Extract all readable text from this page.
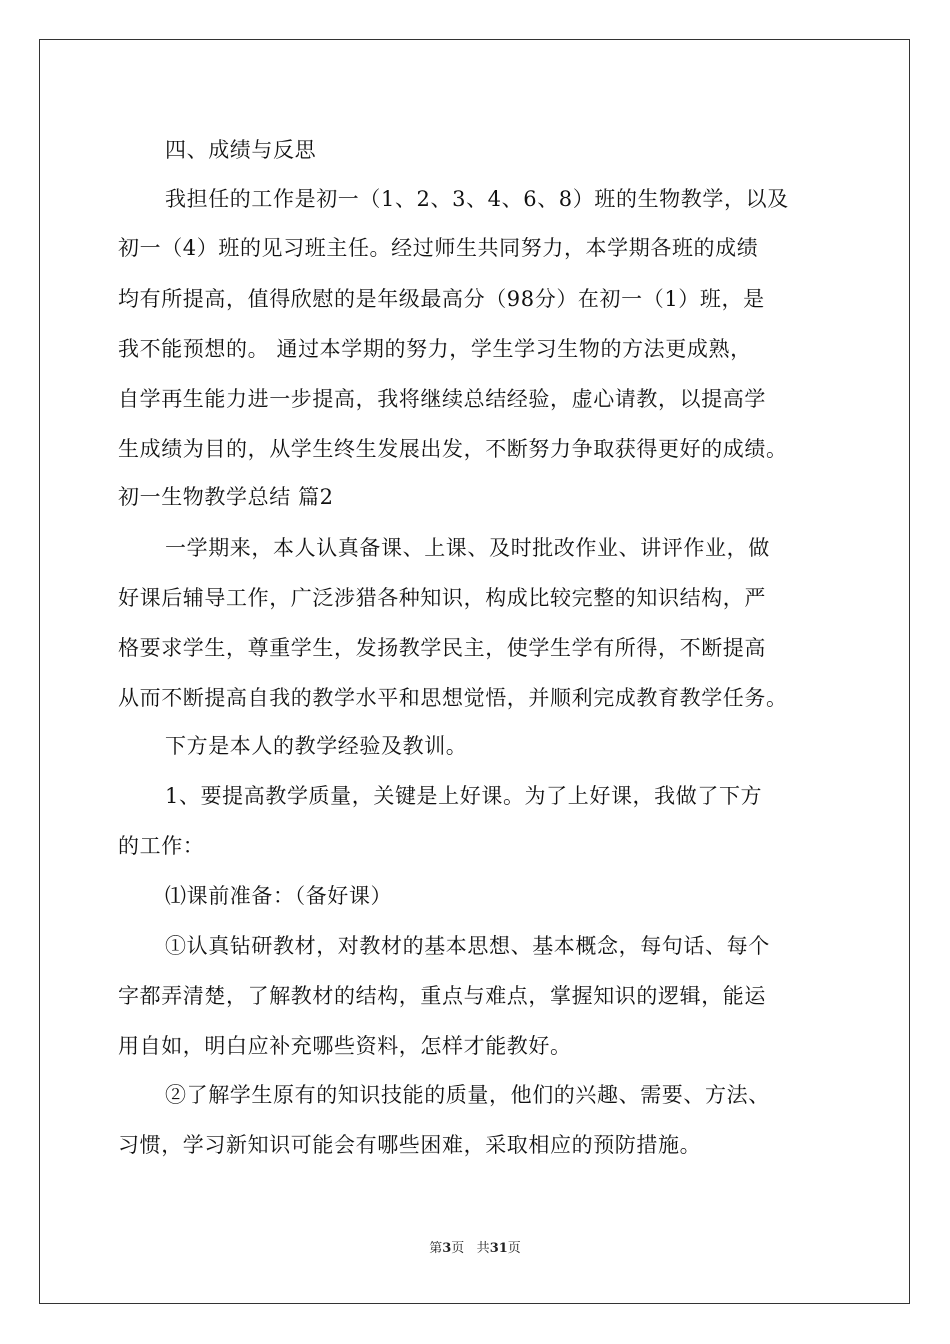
四、成绩与反思

我担任的工作是初一（1、2、3、4、6、8）班的生物教学，以及

初一（4）班的见习班主任。经过师生共同努力，本学期各班的成绩

均有所提高，值得欣慰的是年级最高分（98分）在初一（1）班，是

我不能预想的。 通过本学期的努力，学生学习生物的方法更成熟，

自学再生能力进一步提高，我将继续总结经验，虚心请教，以提高学

生成绩为目的，从学生终生发展出发，不断努力争取获得更好的成绩。

初一生物教学总结 篇2

一学期来，本人认真备课、上课、及时批改作业、讲评作业，做

好课后辅导工作，广泛涉猎各种知识，构成比较完整的知识结构，严

格要求学生，尊重学生，发扬教学民主，使学生学有所得，不断提高

从而不断提高自我的教学水平和思想觉悟，并顺利完成教育教学任务。

下方是本人的教学经验及教训。

1、要提高教学质量，关键是上好课。为了上好课，我做了下方

的工作：

⑴课前准备：（备好课）

①认真钻研教材，对教材的基本思想、基本概念，每句话、每个

字都弄清楚，了解教材的结构，重点与难点，掌握知识的逻辑，能运

用自如，明白应补充哪些资料，怎样才能教好。

②了解学生原有的知识技能的质量，他们的兴趣、需要、方法、

习惯，学习新知识可能会有哪些困难，采取相应的预防措施。

第3页 共31页
